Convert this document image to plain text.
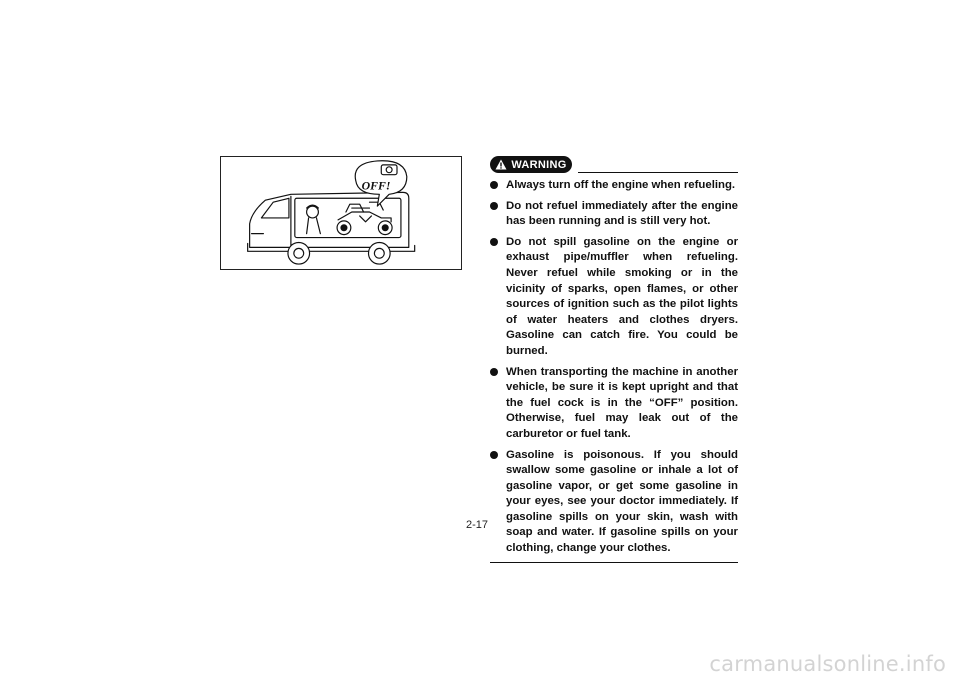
OFF!
WARNING
Always turn off the engine when refueling.
Do not refuel immediately after the engine has been running and is still very hot.
Do not spill gasoline on the engine or exhaust pipe/muffler when refueling. Never refuel while smoking or in the vicinity of sparks, open flames, or other sources of ignition such as the pilot lights of water heaters and clothes dryers. Gasoline can catch fire. You could be burned.
When transporting the machine in another vehicle, be sure it is kept upright and that the fuel cock is in the “OFF” position. Otherwise, fuel may leak out of the carburetor or fuel tank.
Gasoline is poisonous. If you should swallow some gasoline or inhale a lot of gasoline vapor, or get some gasoline in your eyes, see your doctor immediately. If gasoline spills on your skin, wash with soap and water. If gasoline spills on your clothing, change your clothes.
2-17
carmanualsonline.info
